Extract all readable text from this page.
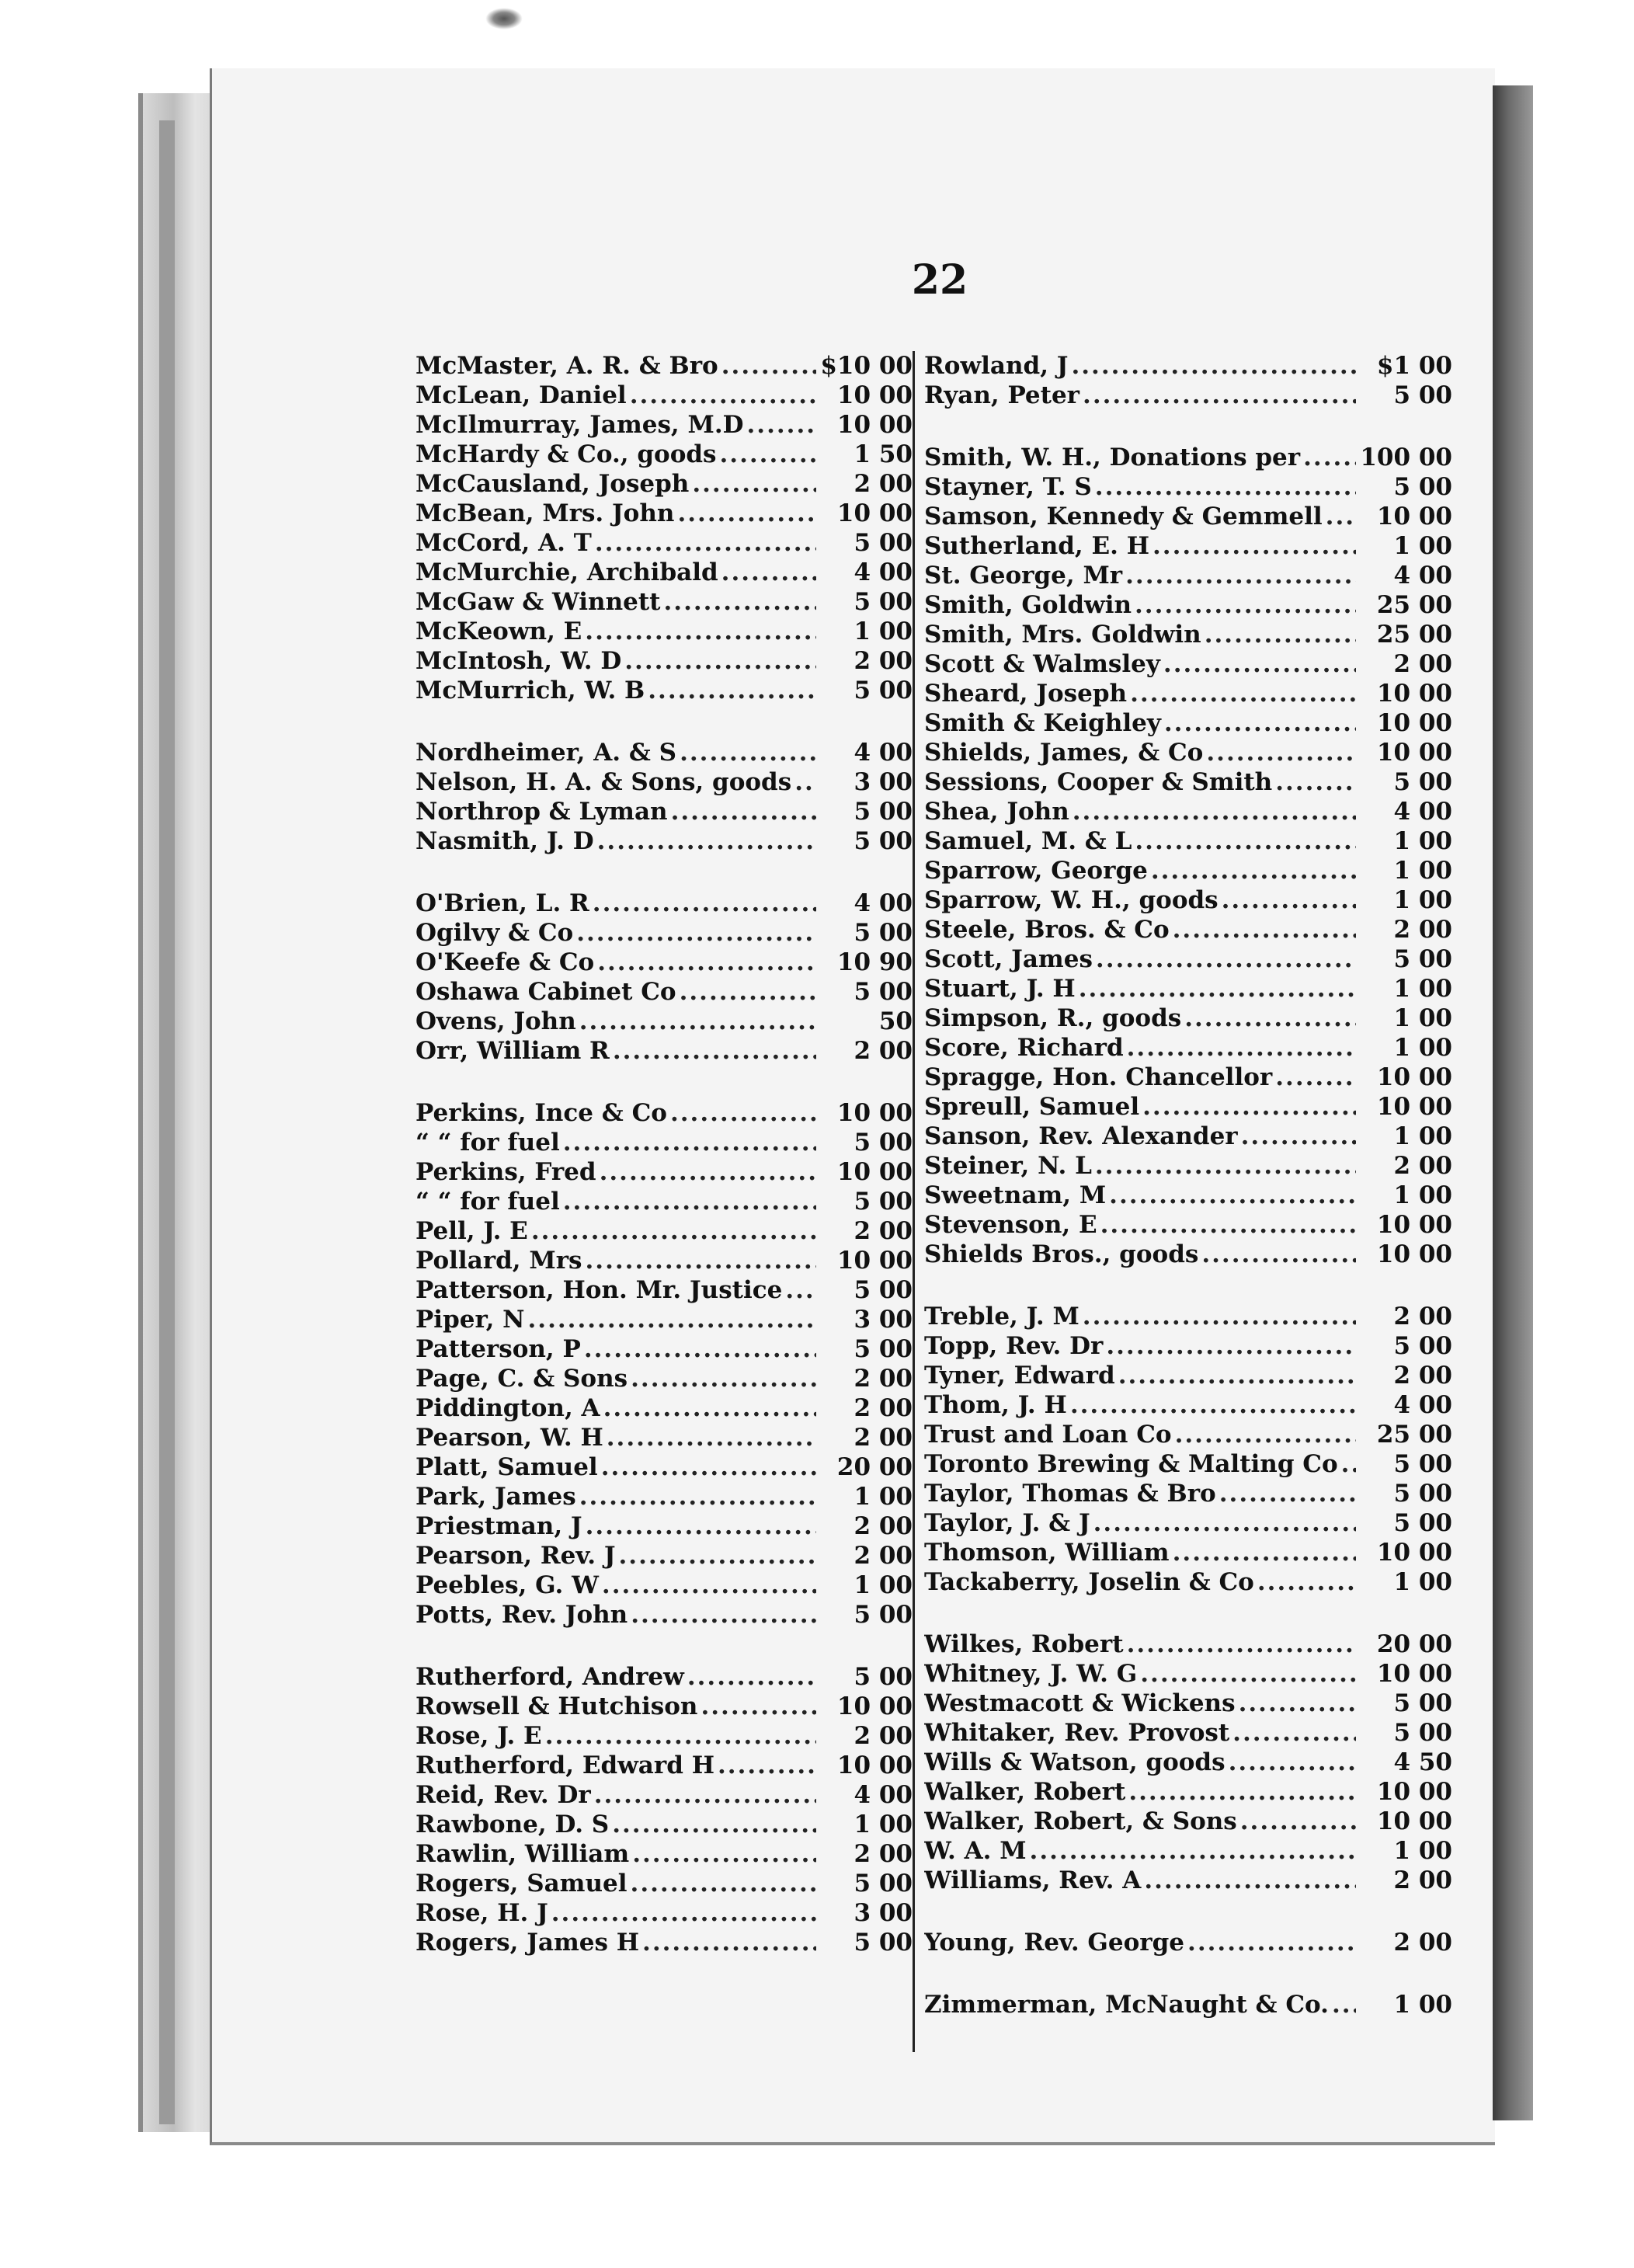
22
McMaster, A. R. & Bro .....	$10 00
McLean, Daniel .....	10 00
McIlmurray, James, M.D .....	10 00
McHardy & Co., goods .....	1 50
McCausland, Joseph .....	2 00
McBean, Mrs. John .....	10 00
McCord, A. T .....	5 00
McMurchie, Archibald .....	4 00
McGaw & Winnett .....	5 00
McKeown, E .....	1 00
McIntosh, W. D .....	2 00
McMurrich, W. B .....	5 00
Nordheimer, A. & S .....	4 00
Nelson, H. A. & Sons, goods .....	3 00
Northrop & Lyman .....	5 00
Nasmith, J. D .....	5 00
O'Brien, L. R .....	4 00
Ogilvy & Co .....	5 00
O'Keefe & Co .....	10 90
Oshawa Cabinet Co .....	5 00
Ovens, John .....	50
Orr, William R .....	2 00
Perkins, Ince & Co .....	10 00
“ “ for fuel .....	5 00
Perkins, Fred .....	10 00
“ “ for fuel .....	5 00
Pell, J. E .....	2 00
Pollard, Mrs .....	10 00
Patterson, Hon. Mr. Justice .....	5 00
Piper, N .....	3 00
Patterson, P .....	5 00
Page, C. & Sons .....	2 00
Piddington, A .....	2 00
Pearson, W. H .....	2 00
Platt, Samuel .....	20 00
Park, James .....	1 00
Priestman, J .....	2 00
Pearson, Rev. J .....	2 00
Peebles, G. W .....	1 00
Potts, Rev. John .....	5 00
Rutherford, Andrew .....	5 00
Rowsell & Hutchison .....	10 00
Rose, J. E .....	2 00
Rutherford, Edward H .....	10 00
Reid, Rev. Dr .....	4 00
Rawbone, D. S .....	1 00
Rawlin, William .....	2 00
Rogers, Samuel .....	5 00
Rose, H. J .....	3 00
Rogers, James H .....	5 00
Rowland, J .....	$1 00
Ryan, Peter .....	5 00
Smith, W. H., Donations per ..... 100 00
Stayner, T. S .....	5 00
Samson, Kennedy & Gemmell .....	10 00
Sutherland, E. H .....	1 00
St. George, Mr .....	4 00
Smith, Goldwin .....	25 00
Smith, Mrs. Goldwin .....	25 00
Scott & Walmsley .....	2 00
Sheard, Joseph .....	10 00
Smith & Keighley .....	10 00
Shields, James, & Co .....	10 00
Sessions, Cooper & Smith .....	5 00
Shea, John .....	4 00
Samuel, M. & L .....	1 00
Sparrow, George .....	1 00
Sparrow, W. H., goods .....	1 00
Steele, Bros. & Co .....	2 00
Scott, James .....	5 00
Stuart, J. H .....	1 00
Simpson, R., goods .....	1 00
Score, Richard .....	1 00
Spragge, Hon. Chancellor .....	10 00
Spreull, Samuel .....	10 00
Sanson, Rev. Alexander .....	1 00
Steiner, N. L .....	2 00
Sweetnam, M .....	1 00
Stevenson, E .....	10 00
Shields Bros., goods .....	10 00
Treble, J. M .....	2 00
Topp, Rev. Dr .....	5 00
Tyner, Edward .....	2 00
Thom, J. H .....	4 00
Trust and Loan Co .....	25 00
Toronto Brewing & Malting Co .....	5 00
Taylor, Thomas & Bro .....	5 00
Taylor, J. & J .....	5 00
Thomson, William .....	10 00
Tackaberry, Joselin & Co .....	1 00
Wilkes, Robert .....	20 00
Whitney, J. W. G .....	10 00
Westmacott & Wickens .....	5 00
Whitaker, Rev. Provost .....	5 00
Wills & Watson, goods .....	4 50
Walker, Robert .....	10 00
Walker, Robert, & Sons .....	10 00
W. A. M .....	1 00
Williams, Rev. A .....	2 00
Young, Rev. George .....	2 00
Zimmerman, McNaught & Co. .....	1 00
